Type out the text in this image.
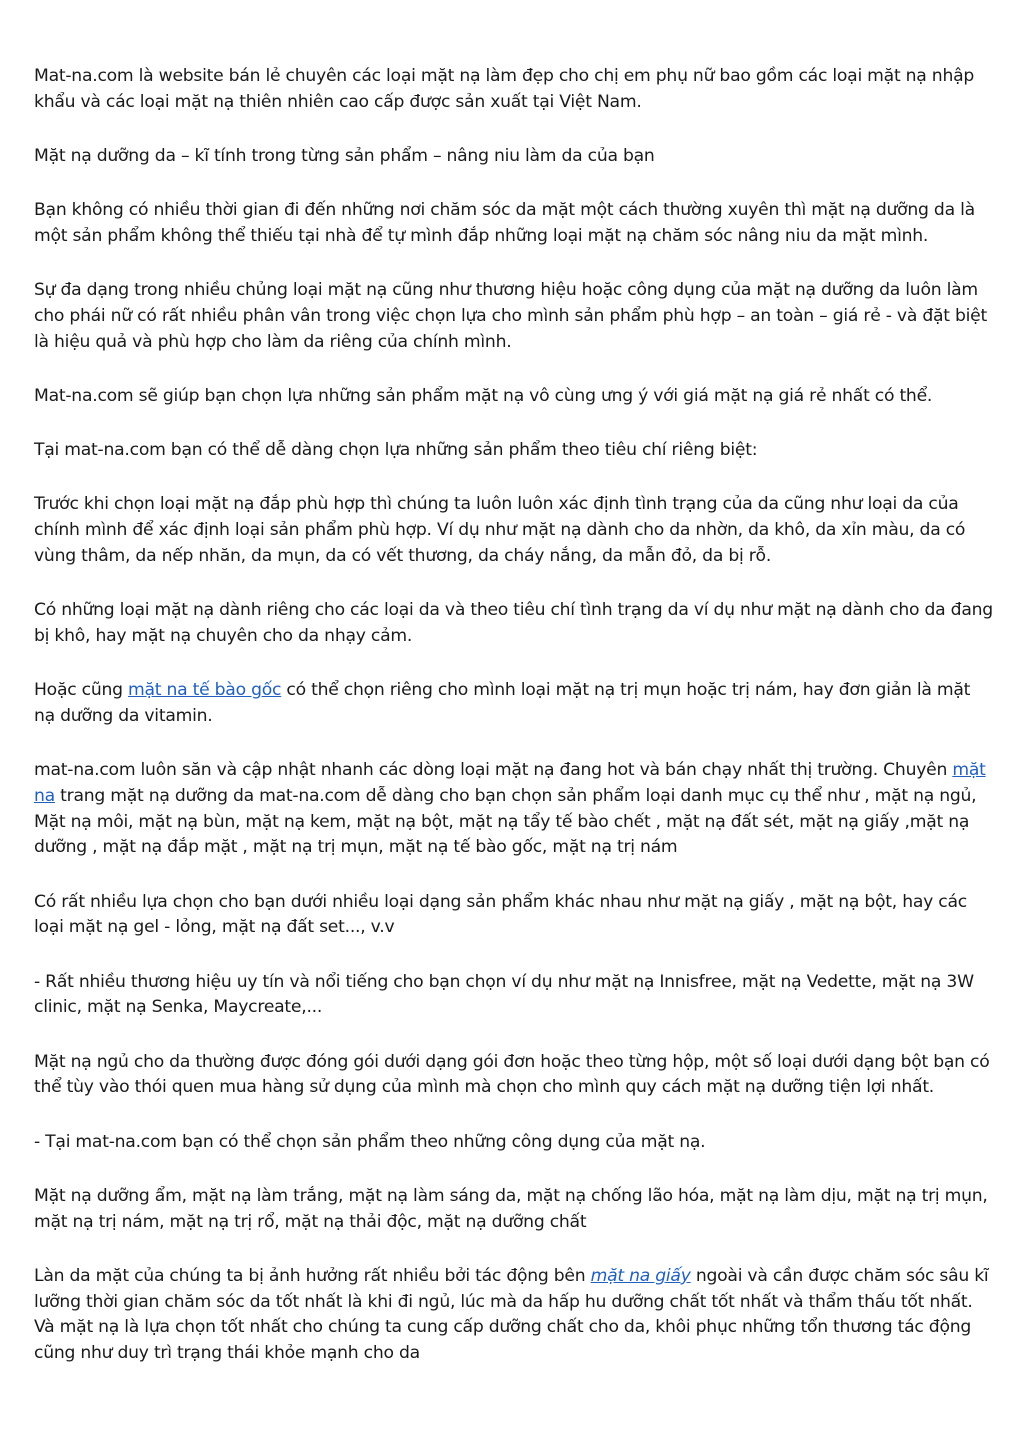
Mat-na.com là website bán lẻ chuyên các loại mặt nạ làm đẹp cho chị em phụ nữ bao gồm các loại mặt nạ nhập khẩu và các loại mặt nạ thiên nhiên cao cấp được sản xuất tại Việt Nam.

Mặt nạ dưỡng da – kĩ tính trong từng sản phẩm – nâng niu làm da của bạn

Bạn không có nhiều thời gian đi đến những nơi chăm sóc da mặt một cách thường xuyên thì mặt nạ dưỡng da là một sản phẩm không thể thiếu tại nhà để tự mình đắp những loại mặt nạ chăm sóc nâng niu da mặt mình.

Sự đa dạng trong nhiều chủng loại mặt nạ cũng như thương hiệu hoặc công dụng của mặt nạ dưỡng da luôn làm cho phái nữ có rất nhiều phân vân trong việc chọn lựa cho mình sản phẩm phù hợp – an toàn – giá rẻ - và đặt biệt là hiệu quả và phù hợp cho làm da riêng của chính mình.

Mat-na.com sẽ giúp bạn chọn lựa những sản phẩm mặt nạ vô cùng ưng ý với giá mặt nạ giá rẻ nhất có thể.

Tại mat-na.com bạn có thể dễ dàng chọn lựa những sản phẩm theo tiêu chí riêng biệt:

Trước khi chọn loại mặt nạ đắp phù hợp thì chúng ta luôn luôn xác định tình trạng của da cũng như loại da của chính mình để xác định loại sản phẩm phù hợp. Ví dụ như mặt nạ dành cho da nhờn, da khô, da xỉn màu, da có vùng thâm, da nếp nhăn, da mụn, da có vết thương, da cháy nắng, da mẫn đỏ, da bị rỗ.

Có những loại mặt nạ dành riêng cho các loại da và theo tiêu chí tình trạng da ví dụ như mặt nạ dành cho da đang bị khô, hay mặt nạ chuyên cho da nhạy cảm.

Hoặc cũng mặt na tế bào gốc có thể chọn riêng cho mình loại mặt nạ trị mụn hoặc trị nám, hay đơn giản là mặt nạ dưỡng da vitamin.

mat-na.com luôn săn và cập nhật nhanh các dòng loại mặt nạ đang hot và bán chạy nhất thị trường. Chuyên mặt na trang mặt nạ dưỡng da mat-na.com dễ dàng cho bạn chọn sản phẩm loại danh mục cụ thể như , mặt nạ ngủ, Mặt nạ môi, mặt nạ bùn, mặt nạ kem, mặt nạ bột, mặt nạ tẩy tế bào chết , mặt nạ đất sét, mặt nạ giấy ,mặt nạ dưỡng , mặt nạ đắp mặt , mặt nạ trị mụn, mặt nạ tế bào gốc, mặt nạ trị nám

Có rất nhiều lựa chọn cho bạn dưới nhiều loại dạng sản phẩm khác nhau như mặt nạ giấy , mặt nạ bột, hay các loại mặt nạ gel - lỏng, mặt nạ đất set..., v.v

- Rất nhiều thương hiệu uy tín và nổi tiếng cho bạn chọn ví dụ như mặt nạ Innisfree, mặt nạ Vedette, mặt nạ 3W clinic, mặt nạ Senka, Maycreate,...

Mặt nạ ngủ cho da thường được đóng gói dưới dạng gói đơn hoặc theo từng hộp, một số loại dưới dạng bột bạn có thể tùy vào thói quen mua hàng sử dụng của mình mà chọn cho mình quy cách mặt nạ dưỡng tiện lợi nhất.

- Tại mat-na.com bạn có thể chọn sản phẩm theo những công dụng của mặt nạ.

Mặt nạ dưỡng ẩm, mặt nạ làm trắng, mặt nạ làm sáng da, mặt nạ chống lão hóa, mặt nạ làm dịu, mặt nạ trị mụn, mặt nạ trị nám, mặt nạ trị rổ, mặt nạ thải độc, mặt nạ dưỡng chất

Làn da mặt của chúng ta bị ảnh hưởng rất nhiều bởi tác động bên mặt na giấy ngoài và cần được chăm sóc sâu kĩ lưỡng thời gian chăm sóc da tốt nhất là khi đi ngủ, lúc mà da hấp hu dưỡng chất tốt nhất và thẩm thấu tốt nhất. Và mặt nạ là lựa chọn tốt nhất cho chúng ta cung cấp dưỡng chất cho da, khôi phục những tổn thương tác động cũng như duy trì trạng thái khỏe mạnh cho da
